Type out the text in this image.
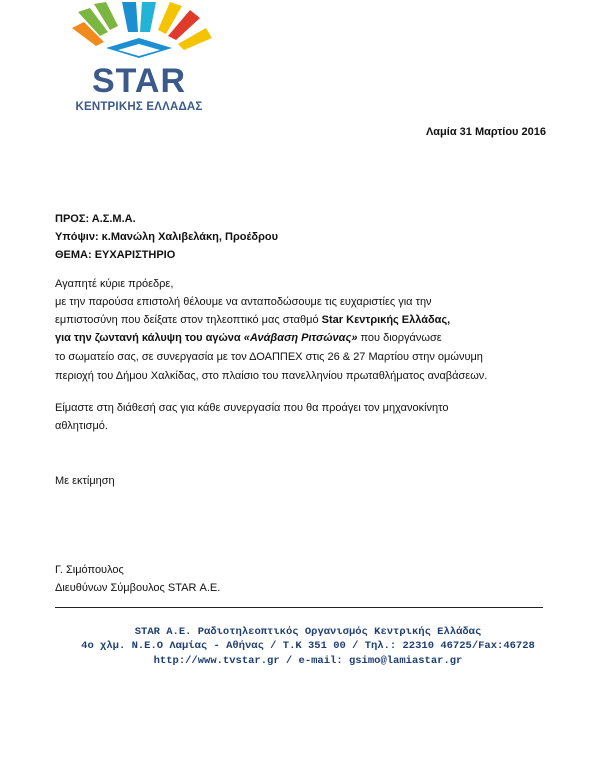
STAR
ΚΕΝΤΡΙΚΗΣ ΕΛΛΑΔΑΣ
Λαμία 31 Μαρτίου 2016
ΠΡΟΣ: Α.Σ.Μ.Α.
Υπόψιν: κ.Μανώλη Χαλιβελάκη, Προέδρου
ΘΕΜΑ: ΕΥΧΑΡΙΣΤΗΡΙΟ
Αγαπητέ κύριε πρόεδρε,
με την παρούσα επιστολή θέλουμε να ανταποδώσουμε τις ευχαριστίες για την
εμπιστοσύνη που δείξατε στον τηλεοπτικό μας σταθμό Star Κεντρικής Ελλάδας,
για την ζωντανή κάλυψη του αγώνα «Ανάβαση Ριτσώνας» που διοργάνωσε
το σωματείο σας, σε συνεργασία με τον ΔΟΑΠΠΕΧ στις 26 & 27 Μαρτίου στην ομώνυμη
περιοχή του Δήμου Χαλκίδας, στο πλαίσιο του πανελληνίου πρωταθλήματος αναβάσεων.
Είμαστε στη διάθεσή σας για κάθε συνεργασία που θα προάγει τον μηχανοκίνητο
αθλητισμό.
Με εκτίμηση
Γ. Σιμόπουλος
Διευθύνων Σύμβουλος STAR Α.Ε.
STAR A.E. Ραδιοτηλεοπτικός Οργανισμός Κεντρικής Ελλάδας
4ο χλμ. Ν.Ε.Ο Λαμίας - Αθήνας / Τ.Κ 351 00 / Τηλ.: 22310 46725/Fax:46728
http://www.tvstar.gr / e-mail: gsimo@lamiastar.gr
